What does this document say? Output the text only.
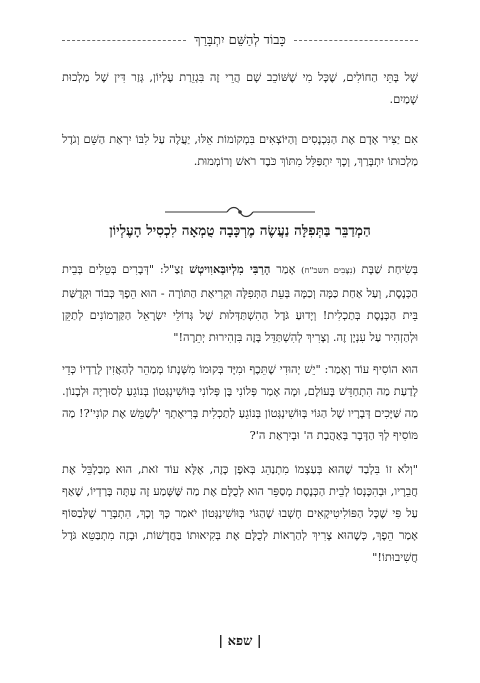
כָּבוֹד לְהַשֵּׁם יִתְבָּרַךְ

שֶׁל בָּתֵּי הַחוֹלִים, שֶׁכָּל מִי שֶׁשּׁוֹכֵב שָׁם הֲרֵי זֶה בִּגְזֵרַת עֶלְיוֹן, גְּזַר דִּין שֶׁל מַלְכוּת שָׁמַיִם.

אִם יַצִּיר אָדָם אֶת הַנִּכְנָסִים וְהַיּוֹצְאִים בִּמְקוֹמוֹת אֵלּוּ, יַעֲלֶה עַל לִבּוֹ יִרְאַת הַשֵּׁם וְגֹדֶל מַלְכוּתוֹ יִתְבָּרַךְ, וְכָךְ יִתְפַּלֵּל מִתּוֹךְ כֹּבֶד רֹאשׁ וְרוֹמְמוּת.

הַמְדַבֵּר בַּתְּפִלָּה נַעֲשֶׂה מֶרְכָּבָה טֻמְאָה לִכְסִיל הָעֶלְיוֹן

בְּשִׂיחַת שַׁבָּת (נִצָּבִים תשכ"ח) אָמַר הָרַבִּי מִלְיוּבַּאוִויטְשׁ זַצַ"ל: "דְּבָרִים בְּטֵלִים בְּבֵית הַכְּנֶסֶת, וְעַל אַחַת כַּמָּה וְכַמָּה בְּעֵת הַתְּפִלָּה וּקְרִיאַת הַתּוֹרָה - הוּא הֵפֶךְ כְּבוֹד וּקְדֻשַּׁת בֵּית הַכְּנֶסֶת בְּתַכְלִית! וְיָדוּעַ גֹּדֶל הַהִשְׁתַּדְּלוּת שֶׁל גְּדוֹלֵי יִשְׂרָאֵל הַקַּדְמוֹנִים לְתַקֵּן וּלְהַזְהִיר עַל עִנְיָן זֶה. וְצָרִיךְ לְהִשְׁתַּדֵּל בָּזֶה בִּזְהִירוּת יְתֵרָה!"

הוּא הוֹסִיף עוֹד וְאָמַר: "יֵשׁ יְהוּדִי שֶׁתֵּכֶף וּמִיָּד בְּקוּמוֹ מִשְּׁנָתוֹ מְמַהֵר לְהַאֲזִין לָרַדְיוֹ כְּדֵי לָדַעַת מַה הִתְחַדֵּשׁ בָּעוֹלָם, וּמָה אָמַר פְּלוֹנִי בֶּן פְּלוֹנִי בְּוּוֹשִׁינְגְּטוֹן בְּנוֹגֵעַ לְסוּרְיָה וּלְבָנוֹן. מַה שַּׁיָּכִים דְּבָרָיו שֶׁל הַגּוֹי בְּוּוֹשִׁינְגְּטוֹן בְּנוֹגֵעַ לְתַכְלִית בְּרִיאָתְךָ 'לְשַׁמֵּשׁ אֶת קוֹנִי'?! מַה מּוֹסִיף לְךָ הַדָּבָר בְּאַהֲבַת ה' וּבְיִרְאַת ה'?

"וְלֹא זוֹ בִּלְבַד שֶׁהוּא בְּעַצְמוֹ מִתְנַהֵג בְּאֹפֶן כָּזֶה, אֶלָּא עוֹד זֹאת, הוּא מְבַלְבֵּל אֶת חֲבֵרָיו, וּבְהִכָּנְסוֹ לְבֵית הַכְּנֶסֶת מְסַפֵּר הוּא לְכֻלָּם אֶת מַה שֶּׁשָּׁמַע זֶה עַתָּה בָּרַדְיוֹ, שֶׁאַף עַל פִּי שֶׁכָּל הַפּוֹלִיטִיקָאִים חָשְׁבוּ שֶׁהַגּוֹי בְּוּוֹשִׁינְגְּטוֹן יֹאמַר כָּךְ וְכָךְ, הִתְבָּרֵר שֶׁלְּבַסּוֹף אָמַר הֵפֶךְ, כְּשֶׁהוּא צָרִיךְ לְהַרְאוֹת לְכֻלָּם אֶת בְּקִיאוּתוֹ בַּחֲדָשׁוֹת, וּבָזֶה מִתְבַּטֵּא גֹּדֶל חֲשִׁיבוּתוֹ!"

| שפא |
